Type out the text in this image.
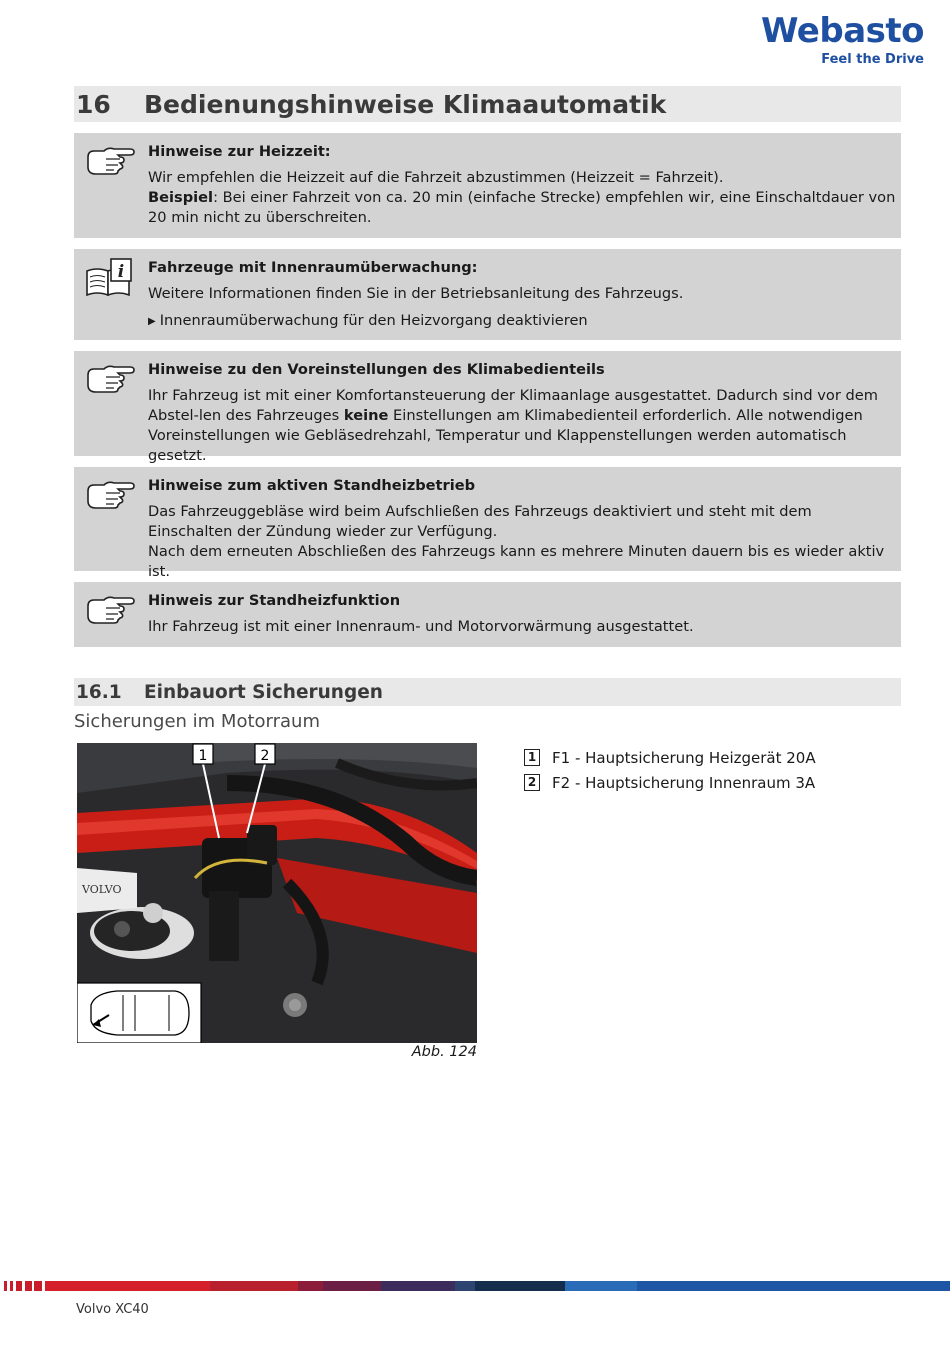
Webasto
Feel the Drive
16	Bedienungshinweise Klimaautomatik
Hinweise zur Heizzeit:

Wir empfehlen die Heizzeit auf die Fahrzeit abzustimmen (Heizzeit = Fahrzeit).

Beispiel: Bei einer Fahrzeit von ca. 20 min (einfache Strecke) empfehlen wir, eine Einschaltdauer von 20 min nicht zu überschreiten.

i Fahrzeuge mit Innenraumüberwachung:

Weitere Informationen finden Sie in der Betriebsanleitung des Fahrzeugs.

▶ Innenraumüberwachung für den Heizvorgang deaktivieren

Hinweise zu den Voreinstellungen des Klimabedienteils

Ihr Fahrzeug ist mit einer Komfortansteuerung der Klimaanlage ausgestattet. Dadurch sind vor dem Abstel-len des Fahrzeuges keine Einstellungen am Klimabedienteil erforderlich. Alle notwendigen Voreinstellungen wie Gebläsedrehzahl, Temperatur und Klappenstellungen werden automatisch gesetzt.

Hinweise zum aktiven Standheizbetrieb

Das Fahrzeuggebläse wird beim Aufschließen des Fahrzeugs deaktiviert und steht mit dem Einschalten der Zündung wieder zur Verfügung.

Nach dem erneuten Abschließen des Fahrzeugs kann es mehrere Minuten dauern bis es wieder aktiv ist.

Hinweis zur Standheizfunktion

Ihr Fahrzeug ist mit einer Innenraum- und Motorvorwärmung ausgestattet.

16.1	Einbauort Sicherungen
Sicherungen im Motorraum
VOLVO
1	2
Abb. 124
1 F1 - Hauptsicherung Heizgerät 20A
2 F2 - Hauptsicherung Innenraum 3A
Volvo XC40
